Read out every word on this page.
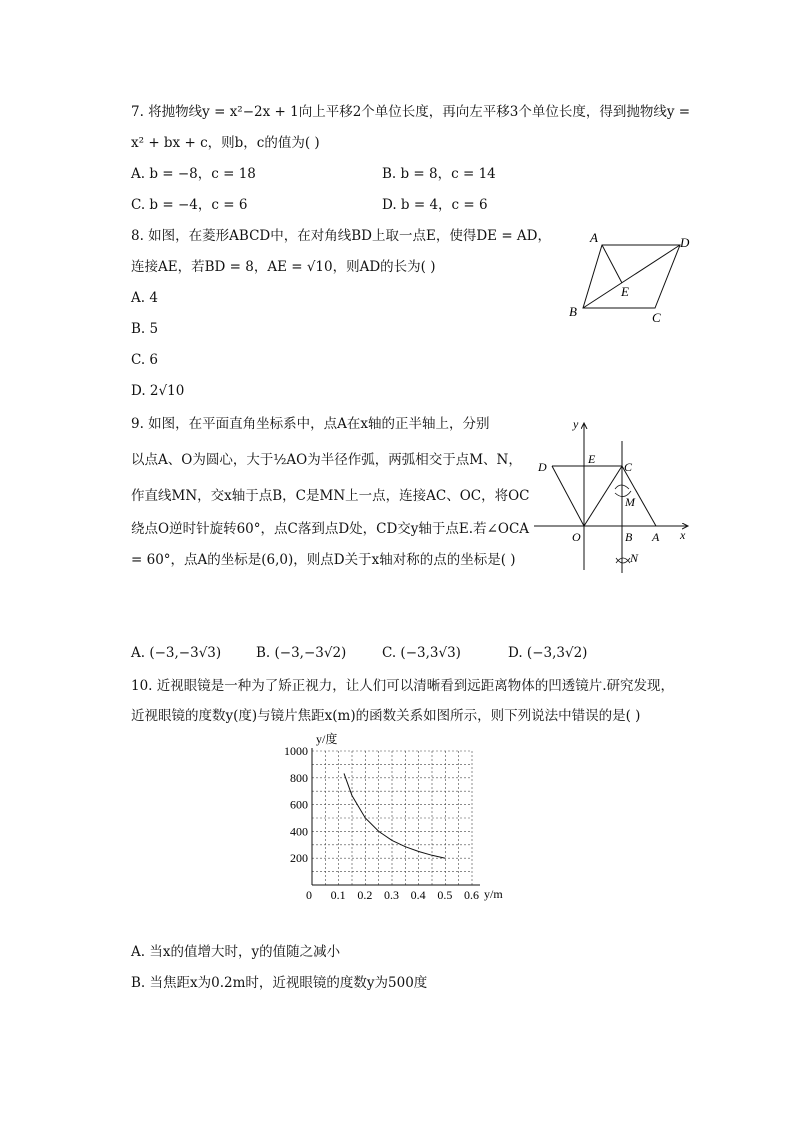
7. 将抛物线y = x²−2x + 1向上平移2个单位长度，再向左平移3个单位长度，得到抛物线y =
x² + bx + c，则b，c的值为( )
A. b = −8，c = 18	B. b = 8，c = 14
C. b = −4，c = 6	D. b = 4，c = 6
8. 如图，在菱形ABCD中，在对角线BD上取一点E，使得DE = AD，
连接AE，若BD = 8，AE = √10，则AD的长为( )
A. 4
B. 5
C. 6
D. 2√10
A	D
E
B	C
9. 如图，在平面直角坐标系中，点A在x轴的正半轴上，分别
以点A、O为圆心，大于½AO为半径作弧，两弧相交于点M、N，
作直线MN，交x轴于点B，C是MN上一点，连接AC、OC，将OC
绕点O逆时针旋转60°，点C落到点D处，CD交y轴于点E.若∠OCA
= 60°，点A的坐标是(6,0)，则点D关于x轴对称的点的坐标是( )
y
x
O	A
B
C
D
E
M
N
A. (−3,−3√3)	B. (−3,−3√2)	C. (−3,3√3)	D. (−3,3√2)
10. 近视眼镜是一种为了矫正视力，让人们可以清晰看到远距离物体的凹透镜片.研究发现，
近视眼镜的度数y(度)与镜片焦距x(m)的函数关系如图所示，则下列说法中错误的是( )
0.1 0.2 0.3 0.4 0.5 0.6
200
400
600
800
1000
0
y/度
y/m
A. 当x的值增大时，y的值随之减小
B. 当焦距x为0.2m时，近视眼镜的度数y为500度
